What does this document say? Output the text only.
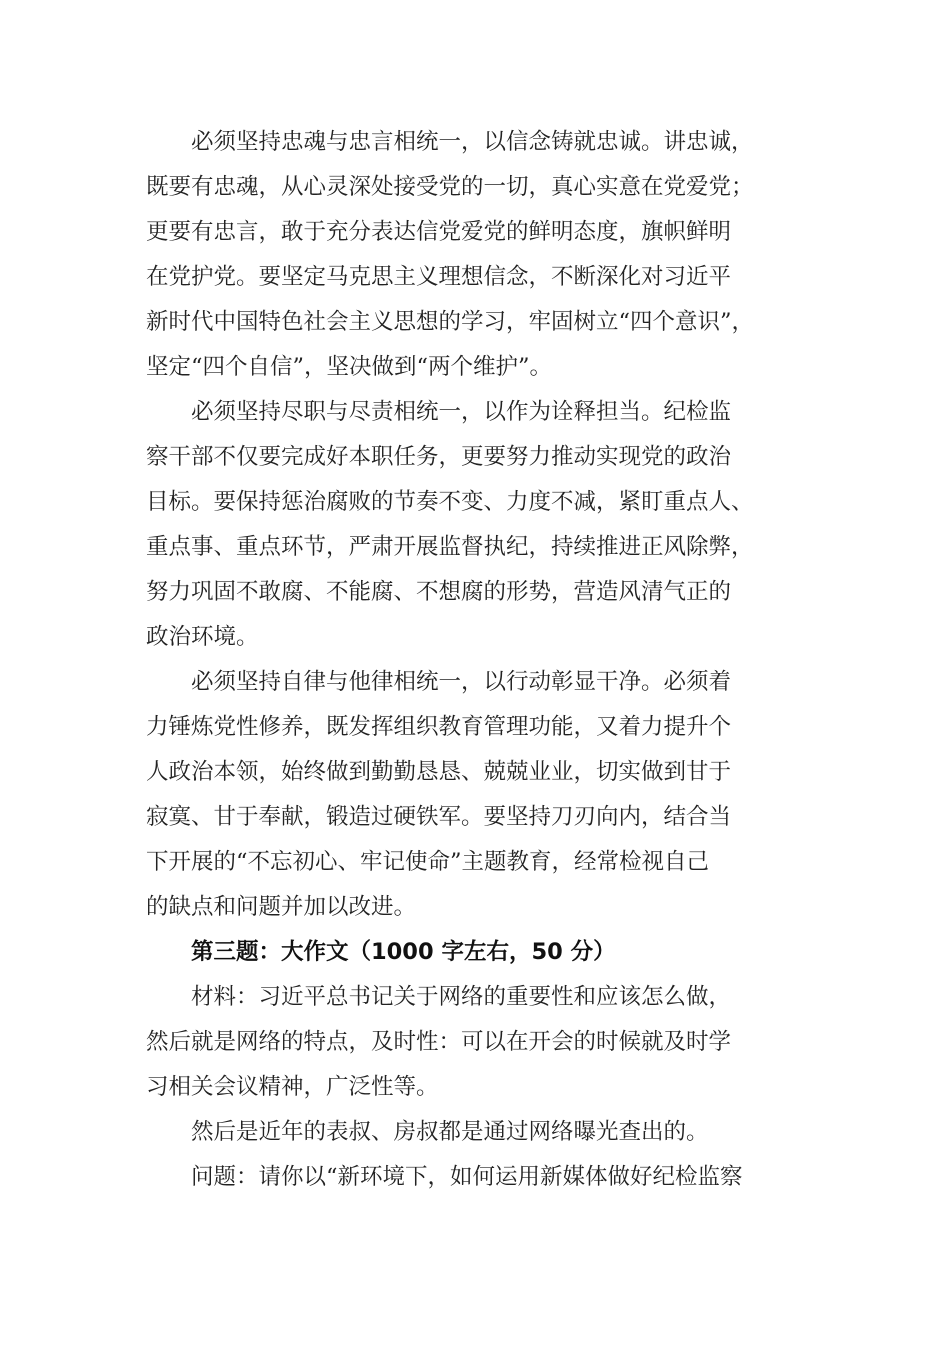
必须坚持忠魂与忠言相统一，以信念铸就忠诚。讲忠诚，
既要有忠魂，从心灵深处接受党的一切，真心实意在党爱党；
更要有忠言，敢于充分表达信党爱党的鲜明态度，旗帜鲜明
在党护党。要坚定马克思主义理想信念，不断深化对习近平
新时代中国特色社会主义思想的学习，牢固树立“四个意识”，
坚定“四个自信”，坚决做到“两个维护”。

必须坚持尽职与尽责相统一，以作为诠释担当。纪检监
察干部不仅要完成好本职任务，更要努力推动实现党的政治
目标。要保持惩治腐败的节奏不变、力度不减，紧盯重点人、
重点事、重点环节，严肃开展监督执纪，持续推进正风除弊，
努力巩固不敢腐、不能腐、不想腐的形势，营造风清气正的
政治环境。

必须坚持自律与他律相统一，以行动彰显干净。必须着
力锤炼党性修养，既发挥组织教育管理功能，又着力提升个
人政治本领，始终做到勤勤恳恳、兢兢业业，切实做到甘于
寂寞、甘于奉献，锻造过硬铁军。要坚持刀刃向内，结合当
下开展的“不忘初心、牢记使命”主题教育，经常检视自己
的缺点和问题并加以改进。

第三题：大作文（1000 字左右，50 分）

材料：习近平总书记关于网络的重要性和应该怎么做，
然后就是网络的特点，及时性：可以在开会的时候就及时学
习相关会议精神，广泛性等。

然后是近年的表叔、房叔都是通过网络曝光查出的。

问题：请你以“新环境下，如何运用新媒体做好纪检监察
